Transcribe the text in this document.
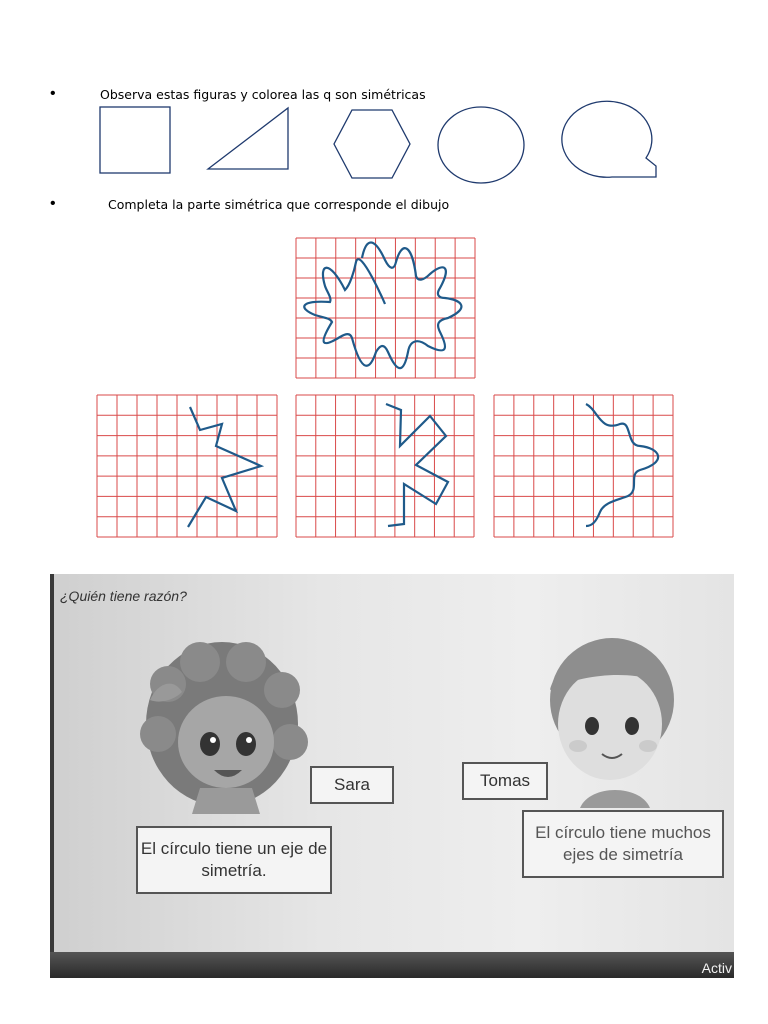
•	Observa estas figuras y colorea las q son simétricas
•	Completa la parte simétrica que corresponde el dibujo
¿Quién tiene razón?
Sara	Tomas
El círculo tiene un eje de simetría.
El círculo tiene muchos ejes de simetría
Activ
